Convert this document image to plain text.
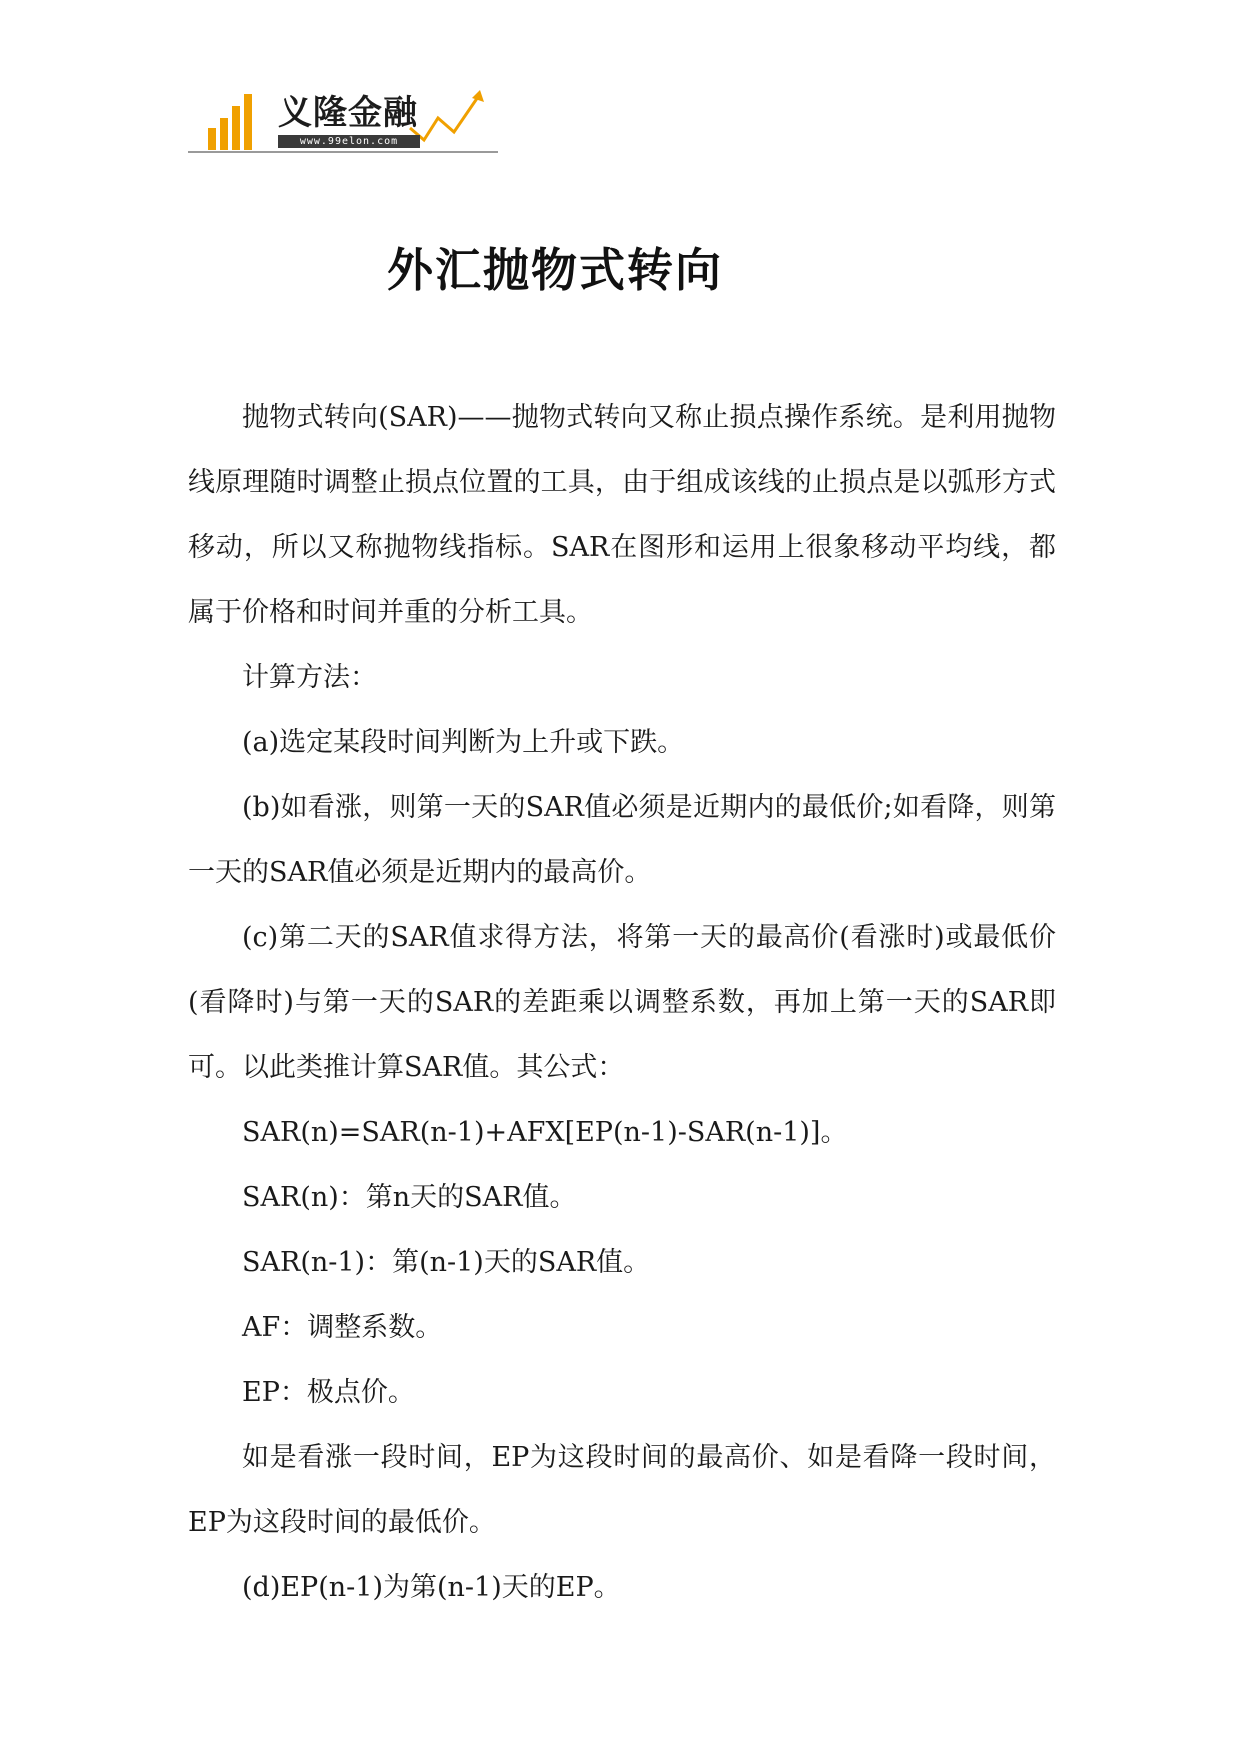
义隆金融
www.99elon.com
外汇抛物式转向

抛物式转向(SAR)——抛物式转向又称止损点操作系统。是利用抛物线原理随时调整止损点位置的工具，由于组成该线的止损点是以弧形方式移动，所以又称抛物线指标。SAR在图形和运用上很象移动平均线，都属于价格和时间并重的分析工具。

计算方法：

(a)选定某段时间判断为上升或下跌。

(b)如看涨，则第一天的SAR值必须是近期内的最低价;如看降，则第一天的SAR值必须是近期内的最高价。

(c)第二天的SAR值求得方法，将第一天的最高价(看涨时)或最低价(看降时)与第一天的SAR的差距乘以调整系数，再加上第一天的SAR即可。以此类推计算SAR值。其公式：

SAR(n)=SAR(n-1)+AFX[EP(n-1)-SAR(n-1)]。

SAR(n)：第n天的SAR值。

SAR(n-1)：第(n-1)天的SAR值。

AF：调整系数。

EP：极点价。

如是看涨一段时间，EP为这段时间的最高价、如是看降一段时间，EP为这段时间的最低价。

(d)EP(n-1)为第(n-1)天的EP。
